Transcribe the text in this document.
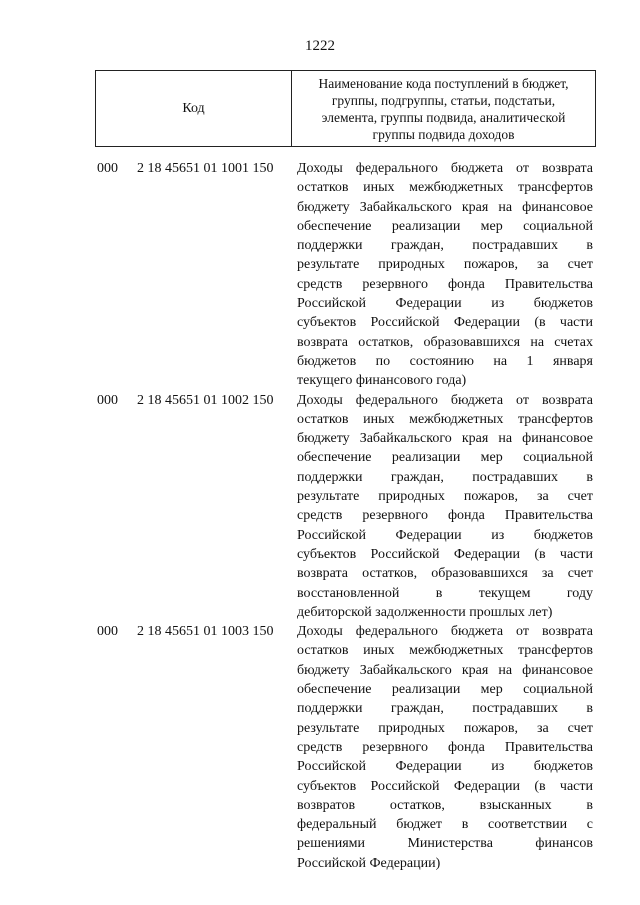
1222
Код
Наименование кода поступлений в бюджет,
группы, подгруппы, статьи, подстатьи,
элемента, группы подвида, аналитической
группы подвида доходов
000	2 18 45651 01 1001 150	Доходы федерального бюджета от возврата
остатков иных межбюджетных трансфертов
бюджету Забайкальского края на финансовое
обеспечение реализации мер социальной
поддержки граждан, пострадавших в
результате природных пожаров, за счет
средств резервного фонда Правительства
Российской Федерации из бюджетов
субъектов Российской Федерации (в части
возврата остатков, образовавшихся на счетах
бюджетов по состоянию на 1 января
текущего финансового года)
000	2 18 45651 01 1002 150	Доходы федерального бюджета от возврата
остатков иных межбюджетных трансфертов
бюджету Забайкальского края на финансовое
обеспечение реализации мер социальной
поддержки граждан, пострадавших в
результате природных пожаров, за счет
средств резервного фонда Правительства
Российской Федерации из бюджетов
субъектов Российской Федерации (в части
возврата остатков, образовавшихся за счет
восстановленной в текущем году
дебиторской задолженности прошлых лет)
000	2 18 45651 01 1003 150	Доходы федерального бюджета от возврата
остатков иных межбюджетных трансфертов
бюджету Забайкальского края на финансовое
обеспечение реализации мер социальной
поддержки граждан, пострадавших в
результате природных пожаров, за счет
средств резервного фонда Правительства
Российской Федерации из бюджетов
субъектов Российской Федерации (в части
возвратов остатков, взысканных в
федеральный бюджет в соответствии с
решениями Министерства финансов
Российской Федерации)
